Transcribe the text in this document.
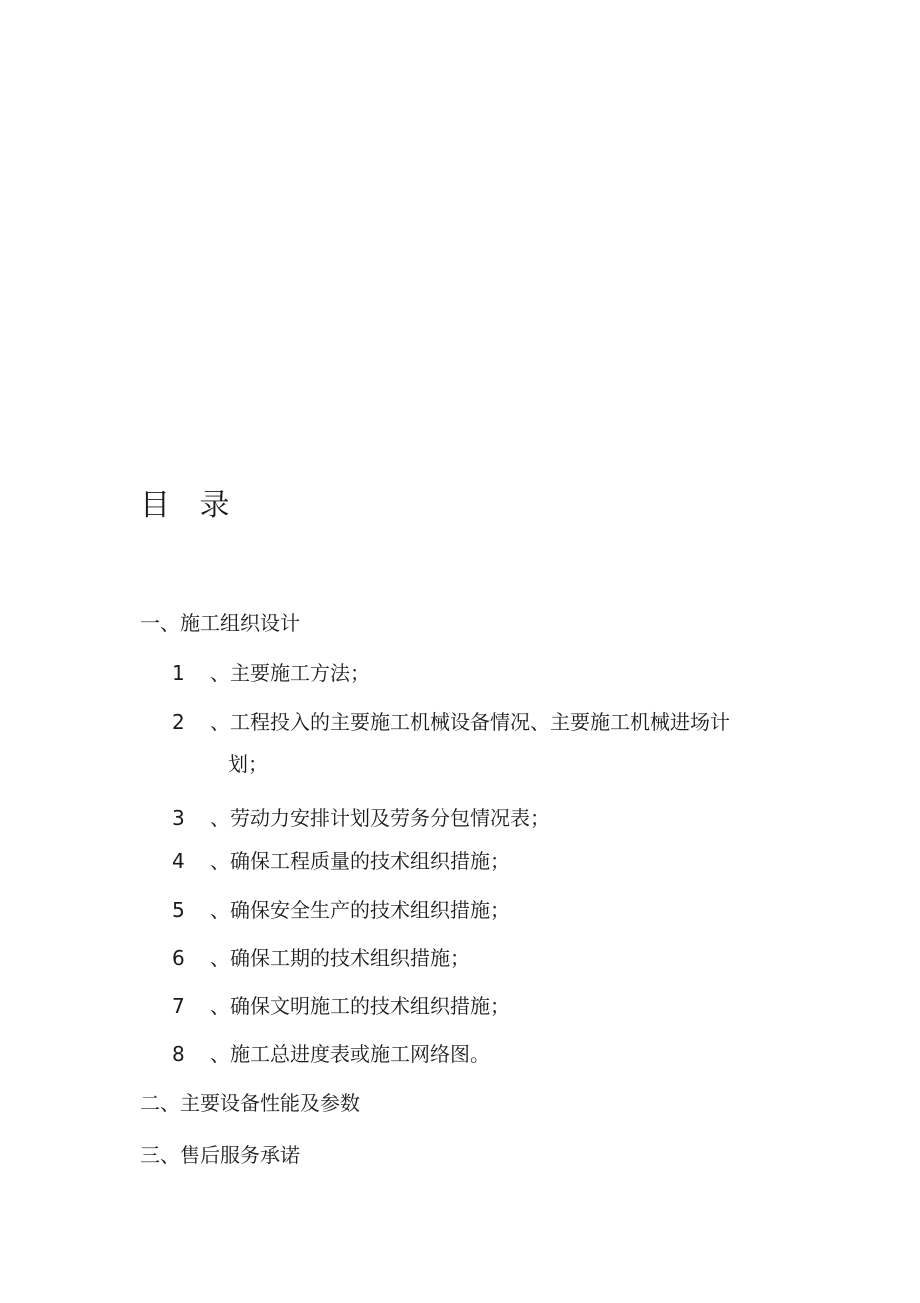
目 录
一、施工组织设计
1 、主要施工方法；
2 、工程投入的主要施工机械设备情况、主要施工机械进场计
划；
3 、劳动力安排计划及劳务分包情况表；
4 、确保工程质量的技术组织措施；
5 、确保安全生产的技术组织措施；
6 、确保工期的技术组织措施；
7 、确保文明施工的技术组织措施；
8 、施工总进度表或施工网络图。
二、主要设备性能及参数
三、售后服务承诺
